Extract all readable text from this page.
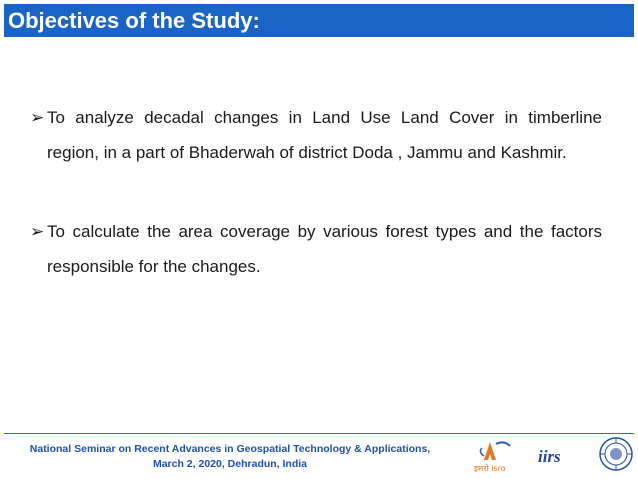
Objectives of the Study:
➢ To analyze decadal changes in Land Use Land Cover in timberline
region, in a part of Bhaderwah of district Doda , Jammu and Kashmir.
➢ To calculate the area coverage by various forest types and the factors
responsible for the changes.
National Seminar on Recent Advances in Geospatial Technology & Applications,
March 2, 2020, Dehradun, India	इसरो isro
iirs
